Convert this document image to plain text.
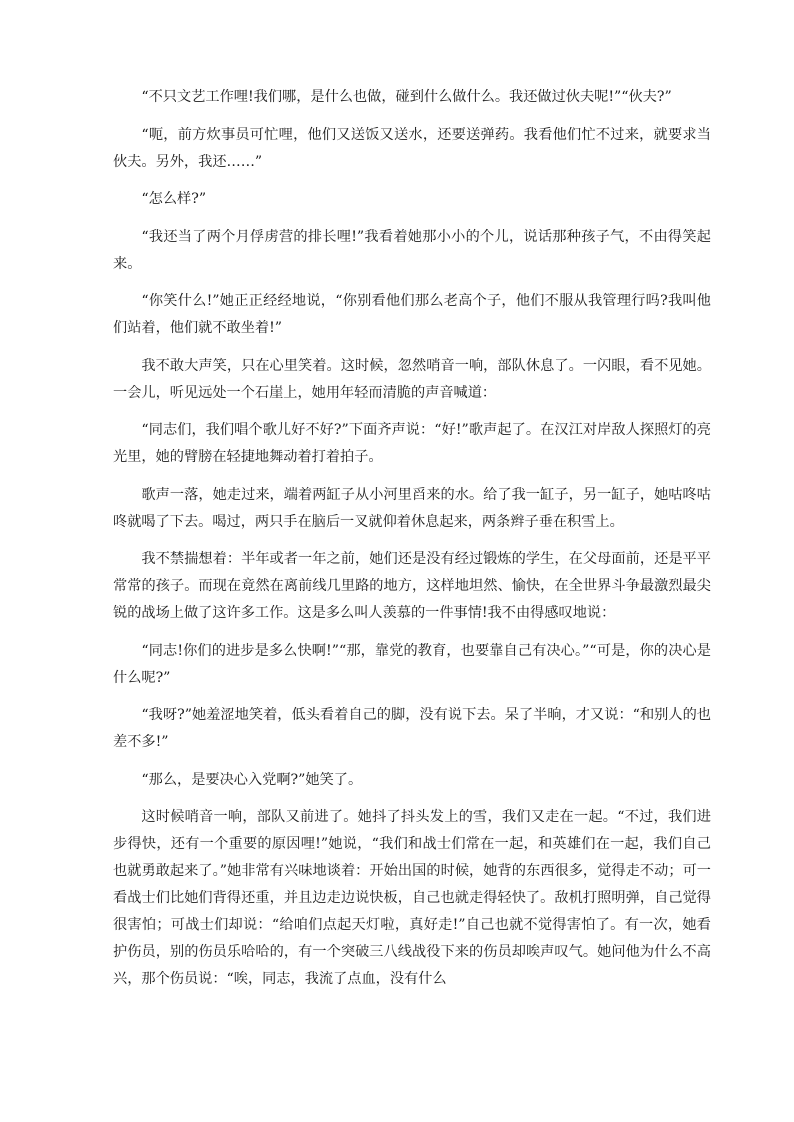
“不只文艺工作哩!我们哪，是什么也做，碰到什么做什么。我还做过伙夫呢!”“伙夫?”

“呃，前方炊事员可忙哩，他们又送饭又送水，还要送弹药。我看他们忙不过来，就要求当伙夫。另外，我还……”

“怎么样?”

“我还当了两个月俘虏营的排长哩!”我看着她那小小的个儿，说话那种孩子气，不由得笑起来。

“你笑什么!”她正正经经地说，“你别看他们那么老高个子，他们不服从我管理行吗?我叫他们站着，他们就不敢坐着!”

我不敢大声笑，只在心里笑着。这时候，忽然哨音一响，部队休息了。一闪眼，看不见她。一会儿，听见远处一个石崖上，她用年轻而清脆的声音喊道：

“同志们，我们唱个歌儿好不好?”下面齐声说：“好!”歌声起了。在汉江对岸敌人探照灯的亮光里，她的臂膀在轻捷地舞动着打着拍子。

歌声一落，她走过来，端着两缸子从小河里舀来的水。给了我一缸子，另一缸子，她咕咚咕咚就喝了下去。喝过，两只手在脑后一叉就仰着休息起来，两条辫子垂在积雪上。

我不禁揣想着：半年或者一年之前，她们还是没有经过锻炼的学生，在父母面前，还是平平常常的孩子。而现在竟然在离前线几里路的地方，这样地坦然、愉快，在全世界斗争最激烈最尖锐的战场上做了这许多工作。这是多么叫人羡慕的一件事情!我不由得感叹地说：

“同志!你们的进步是多么快啊!”“那，靠党的教育，也要靠自己有决心。”“可是，你的决心是什么呢?”

“我呀?”她羞涩地笑着，低头看着自己的脚，没有说下去。呆了半晌，才又说：“和别人的也差不多!”

“那么，是要决心入党啊?”她笑了。

这时候哨音一响，部队又前进了。她抖了抖头发上的雪，我们又走在一起。“不过，我们进步得快，还有一个重要的原因哩!”她说，“我们和战士们常在一起，和英雄们在一起，我们自己也就勇敢起来了。”她非常有兴味地谈着：开始出国的时候，她背的东西很多，觉得走不动；可一看战士们比她们背得还重，并且边走边说快板，自己也就走得轻快了。敌机打照明弹，自己觉得很害怕；可战士们却说：“给咱们点起天灯啦，真好走!”自己也就不觉得害怕了。有一次，她看护伤员，别的伤员乐哈哈的，有一个突破三八线战役下来的伤员却唉声叹气。她问他为什么不高兴，那个伤员说：“唉，同志，我流了点血，没有什么
